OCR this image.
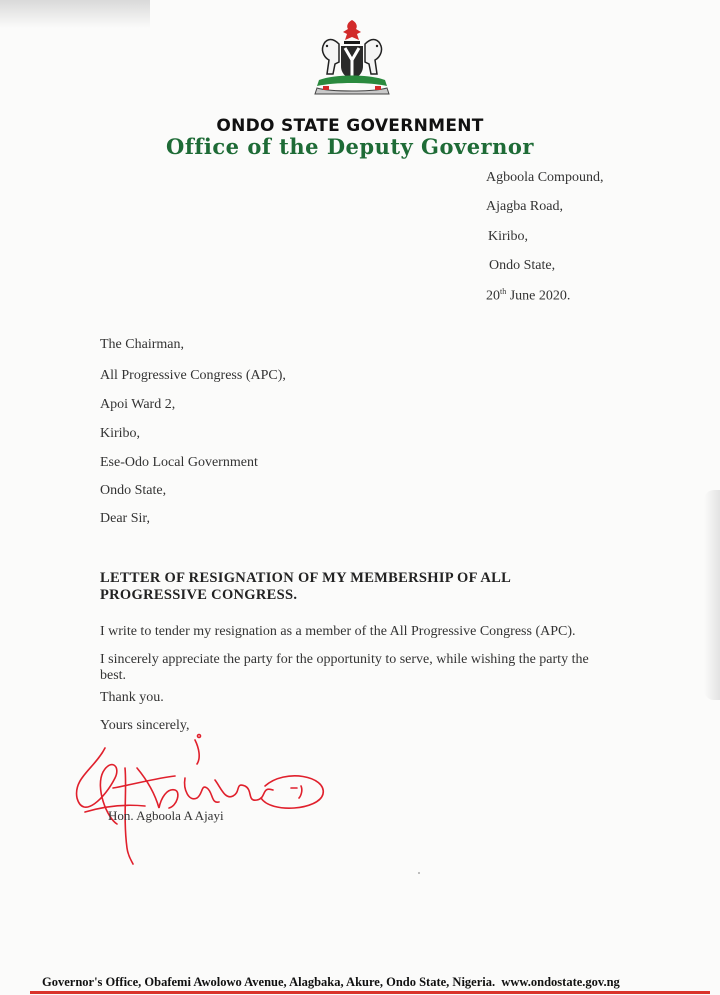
ONDO STATE GOVERNMENT
Office of the Deputy Governor
Agboola Compound,
Ajagba Road,
Kiribo,
Ondo State,
20th June 2020.
The Chairman,
All Progressive Congress (APC),
Apoi Ward 2,
Kiribo,
Ese-Odo Local Government
Ondo State,
Dear Sir,
LETTER OF RESIGNATION OF MY MEMBERSHIP OF ALL PROGRESSIVE CONGRESS.
I write to tender my resignation as a member of the All Progressive Congress (APC).
I sincerely appreciate the party for the opportunity to serve, while wishing the party the best.
Thank you.
Yours sincerely,
Hon. Agboola A Ajayi
Governor's Office, Obafemi Awolowo Avenue, Alagbaka, Akure, Ondo State, Nigeria. www.ondostate.gov.ng
